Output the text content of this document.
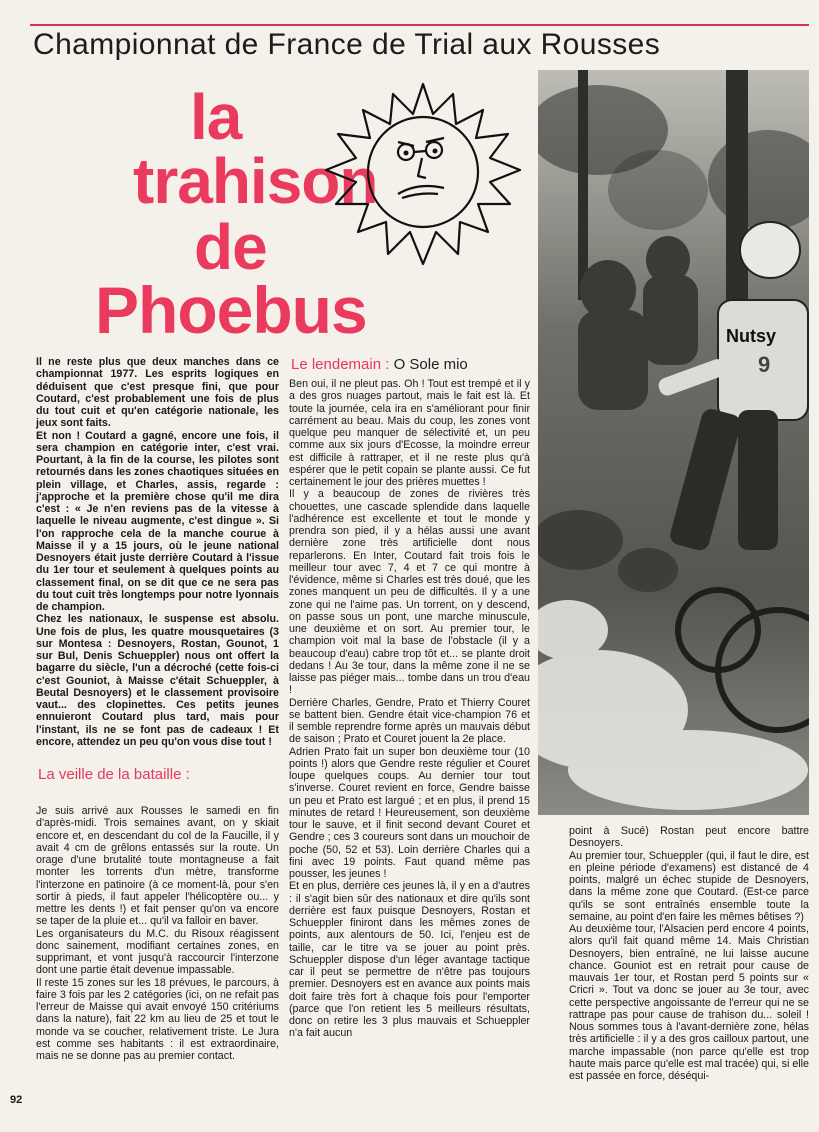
Championnat de France de Trial aux Rousses
la
trahison
de
Phoebus

Il ne reste plus que deux manches dans ce championnat 1977. Les esprits logiques en déduisent que c'est presque fini, que pour Coutard, c'est probablement une fois de plus du tout cuit et qu'en catégorie nationale, les jeux sont faits.

Et non ! Coutard a gagné, encore une fois, il sera champion en catégorie inter, c'est vrai. Pourtant, à la fin de la course, les pilotes sont retournés dans les zones chaotiques situées en plein village, et Charles, assis, regarde : j'approche et la première chose qu'il me dira c'est : « Je n'en reviens pas de la vitesse à laquelle le niveau augmente, c'est dingue ». Si l'on rapproche cela de la manche courue à Maisse il y a 15 jours, où le jeune national Desnoyers était juste derrière Coutard à l'issue du 1er tour et seulement à quelques points au classement final, on se dit que ce ne sera pas du tout cuit très longtemps pour notre lyonnais de champion.

Chez les nationaux, le suspense est absolu. Une fois de plus, les quatre mousquetaires (3 sur Montesa : Desnoyers, Rostan, Gounot, 1 sur Bul, Denis Schueppler) nous ont offert la bagarre du siècle, l'un a décroché (cette fois-ci c'est Gouniot, à Maisse c'était Schueppler, à Beutal Desnoyers) et le classement provisoire vaut... des clopinettes. Ces petits jeunes ennuieront Coutard plus tard, mais pour l'instant, ils ne se font pas de cadeaux ! Et encore, attendez un peu qu'on vous dise tout !

La veille de la bataille :

Je suis arrivé aux Rousses le samedi en fin d'après-midi. Trois semaines avant, on y skiait encore et, en descendant du col de la Faucille, il y avait 4 cm de grêlons entassés sur la route. Un orage d'une brutalité toute montagneuse a fait monter les torrents d'un mètre, transforme l'interzone en patinoire (à ce moment-là, pour s'en sortir à pieds, il faut appeler l'hélicoptère ou... y mettre les dents !) et fait penser qu'on va encore se taper de la pluie et... qu'il va falloir en baver.

Les organisateurs du M.C. du Risoux réagissent donc sainement, modifiant certaines zones, en supprimant, et vont jusqu'à raccourcir l'interzone dont une partie était devenue impassable.

Il reste 15 zones sur les 18 prévues, le parcours, à faire 3 fois par les 2 catégories (ici, on ne refait pas l'erreur de Maisse qui avait envoyé 150 critériums dans la nature), fait 22 km au lieu de 25 et tout le monde va se coucher, relativement triste. Le Jura est comme ses habitants : il est extraordinaire, mais ne se donne pas au premier contact.

Le lendemain : O Sole mio

Ben oui, il ne pleut pas. Oh ! Tout est trempé et il y a des gros nuages partout, mais le fait est là. Et toute la journée, cela ira en s'améliorant pour finir carrément au beau. Mais du coup, les zones vont quelque peu manquer de sélectivité et, un peu comme aux six jours d'Ecosse, la moindre erreur est difficile à rattraper, et il ne reste plus qu'à espérer que le petit copain se plante aussi. Ce fut certainement le jour des prières muettes !

Il y a beaucoup de zones de rivières très chouettes, une cascade splendide dans laquelle l'adhérence est excellente et tout le monde y prendra son pied, il y a hélas aussi une avant dernière zone très artificielle dont nous reparlerons. En Inter, Coutard fait trois fois le meilleur tour avec 7, 4 et 7 ce qui montre à l'évidence, même si Charles est très doué, que les zones manquent un peu de difficultés. Il y a une zone qui ne l'aime pas. Un torrent, on y descend, on passe sous un pont, une marche minuscule, une deuxième et on sort. Au premier tour, le champion voit mal la base de l'obstacle (il y a beaucoup d'eau) cabre trop tôt et... se plante droit dedans ! Au 3e tour, dans la même zone il ne se laisse pas piéger mais... tombe dans un trou d'eau !

Derrière Charles, Gendre, Prato et Thierry Couret se battent bien. Gendre était vice-champion 76 et il semble reprendre forme après un mauvais début de saison ; Prato et Couret jouent la 2e place.

Adrien Prato fait un super bon deuxième tour (10 points !) alors que Gendre reste régulier et Couret loupe quelques coups. Au dernier tour tout s'inverse. Couret revient en force, Gendre baisse un peu et Prato est largué ; et en plus, il prend 15 minutes de retard ! Heureusement, son deuxième tour le sauve, et il finit second devant Couret et Gendre ; ces 3 coureurs sont dans un mouchoir de poche (50, 52 et 53). Loin derrière Charles qui a fini avec 19 points. Faut quand même pas pousser, les jeunes !

Et en plus, derrière ces jeunes là, il y en a d'autres : il s'agit bien sûr des nationaux et dire qu'ils sont derrière est faux puisque Desnoyers, Rostan et Schueppler finiront dans les mêmes zones de points, aux alentours de 50. Ici, l'enjeu est de taille, car le titre va se jouer au point près. Schueppler dispose d'un léger avantage tactique car il peut se permettre de n'être pas toujours premier. Desnoyers est en avance aux points mais doit faire très fort à chaque fois pour l'emporter (parce que l'on retient les 5 meilleurs résultats, donc on retire les 3 plus mauvais et Schueppler n'a fait aucun

point à Sucé) Rostan peut encore battre Desnoyers.

Au premier tour, Schueppler (qui, il faut le dire, est en pleine période d'examens) est distancé de 4 points, malgré un échec stupide de Desnoyers, dans la même zone que Coutard. (Est-ce parce qu'ils se sont entraînés ensemble toute la semaine, au point d'en faire les mêmes bêtises ?)

Au deuxième tour, l'Alsacien perd encore 4 points, alors qu'il fait quand même 14. Mais Christian Desnoyers, bien entraîné, ne lui laisse aucune chance. Gouniot est en retrait pour cause de mauvais 1er tour, et Rostan perd 5 points sur « Cricri ». Tout va donc se jouer au 3e tour, avec cette perspective angoissante de l'erreur qui ne se rattrape pas pour cause de trahison du... soleil ! Nous sommes tous à l'avant-dernière zone, hélas très artificielle : il y a des gros cailloux partout, une marche impassable (non parce qu'elle est trop haute mais parce qu'elle est mal tracée) qui, si elle est passée en force, déséqui-

Nutsy
9
92
